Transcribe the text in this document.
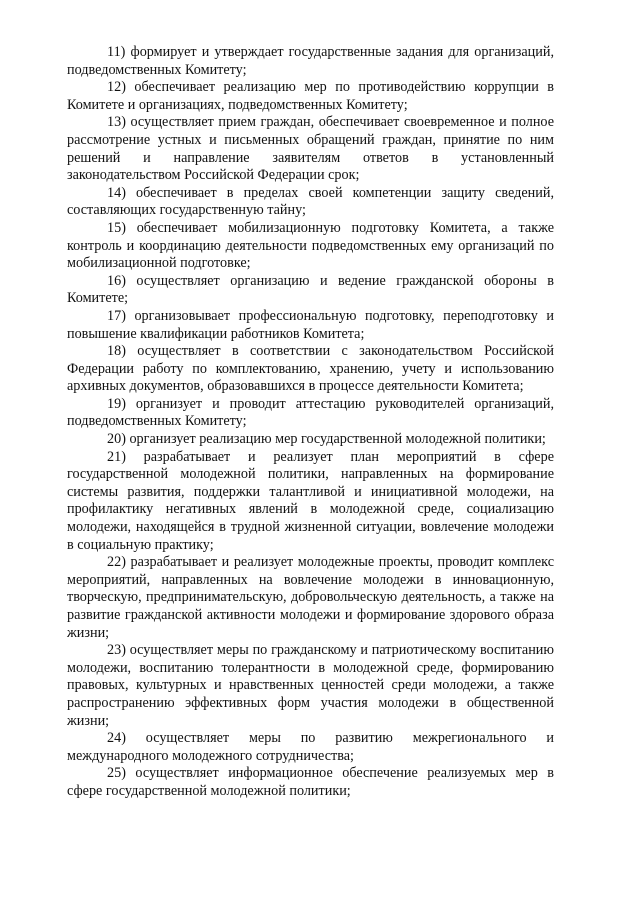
11) формирует и утверждает государственные задания для организаций, подведомственных Комитету;

12) обеспечивает реализацию мер по противодействию коррупции в Комитете и организациях, подведомственных Комитету;

13) осуществляет прием граждан, обеспечивает своевременное и полное рассмотрение устных и письменных обращений граждан, принятие по ним решений и направление заявителям ответов в установленный законодательством Российской Федерации срок;

14) обеспечивает в пределах своей компетенции защиту сведений, составляющих государственную тайну;

15) обеспечивает мобилизационную подготовку Комитета, а также контроль и координацию деятельности подведомственных ему организаций по мобилизационной подготовке;

16) осуществляет организацию и ведение гражданской обороны в Комитете;

17) организовывает профессиональную подготовку, переподготовку и повышение квалификации работников Комитета;

18) осуществляет в соответствии с законодательством Российской Федерации работу по комплектованию, хранению, учету и использованию архивных документов, образовавшихся в процессе деятельности Комитета;

19) организует и проводит аттестацию руководителей организаций, подведомственных Комитету;

20) организует реализацию мер государственной молодежной политики;

21) разрабатывает и реализует план мероприятий в сфере государственной молодежной политики, направленных на формирование системы развития, поддержки талантливой и инициативной молодежи, на профилактику негативных явлений в молодежной среде, социализацию молодежи, находящейся в трудной жизненной ситуации, вовлечение молодежи в социальную практику;

22) разрабатывает и реализует молодежные проекты, проводит комплекс мероприятий, направленных на вовлечение молодежи в инновационную, творческую, предпринимательскую, добровольческую деятельность, а также на развитие гражданской активности молодежи и формирование здорового образа жизни;

23) осуществляет меры по гражданскому и патриотическому воспитанию молодежи, воспитанию толерантности в молодежной среде, формированию правовых, культурных и нравственных ценностей среди молодежи, а также распространению эффективных форм участия молодежи в общественной жизни;

24) осуществляет меры по развитию межрегионального и международного молодежного сотрудничества;

25) осуществляет информационное обеспечение реализуемых мер в сфере государственной молодежной политики;
